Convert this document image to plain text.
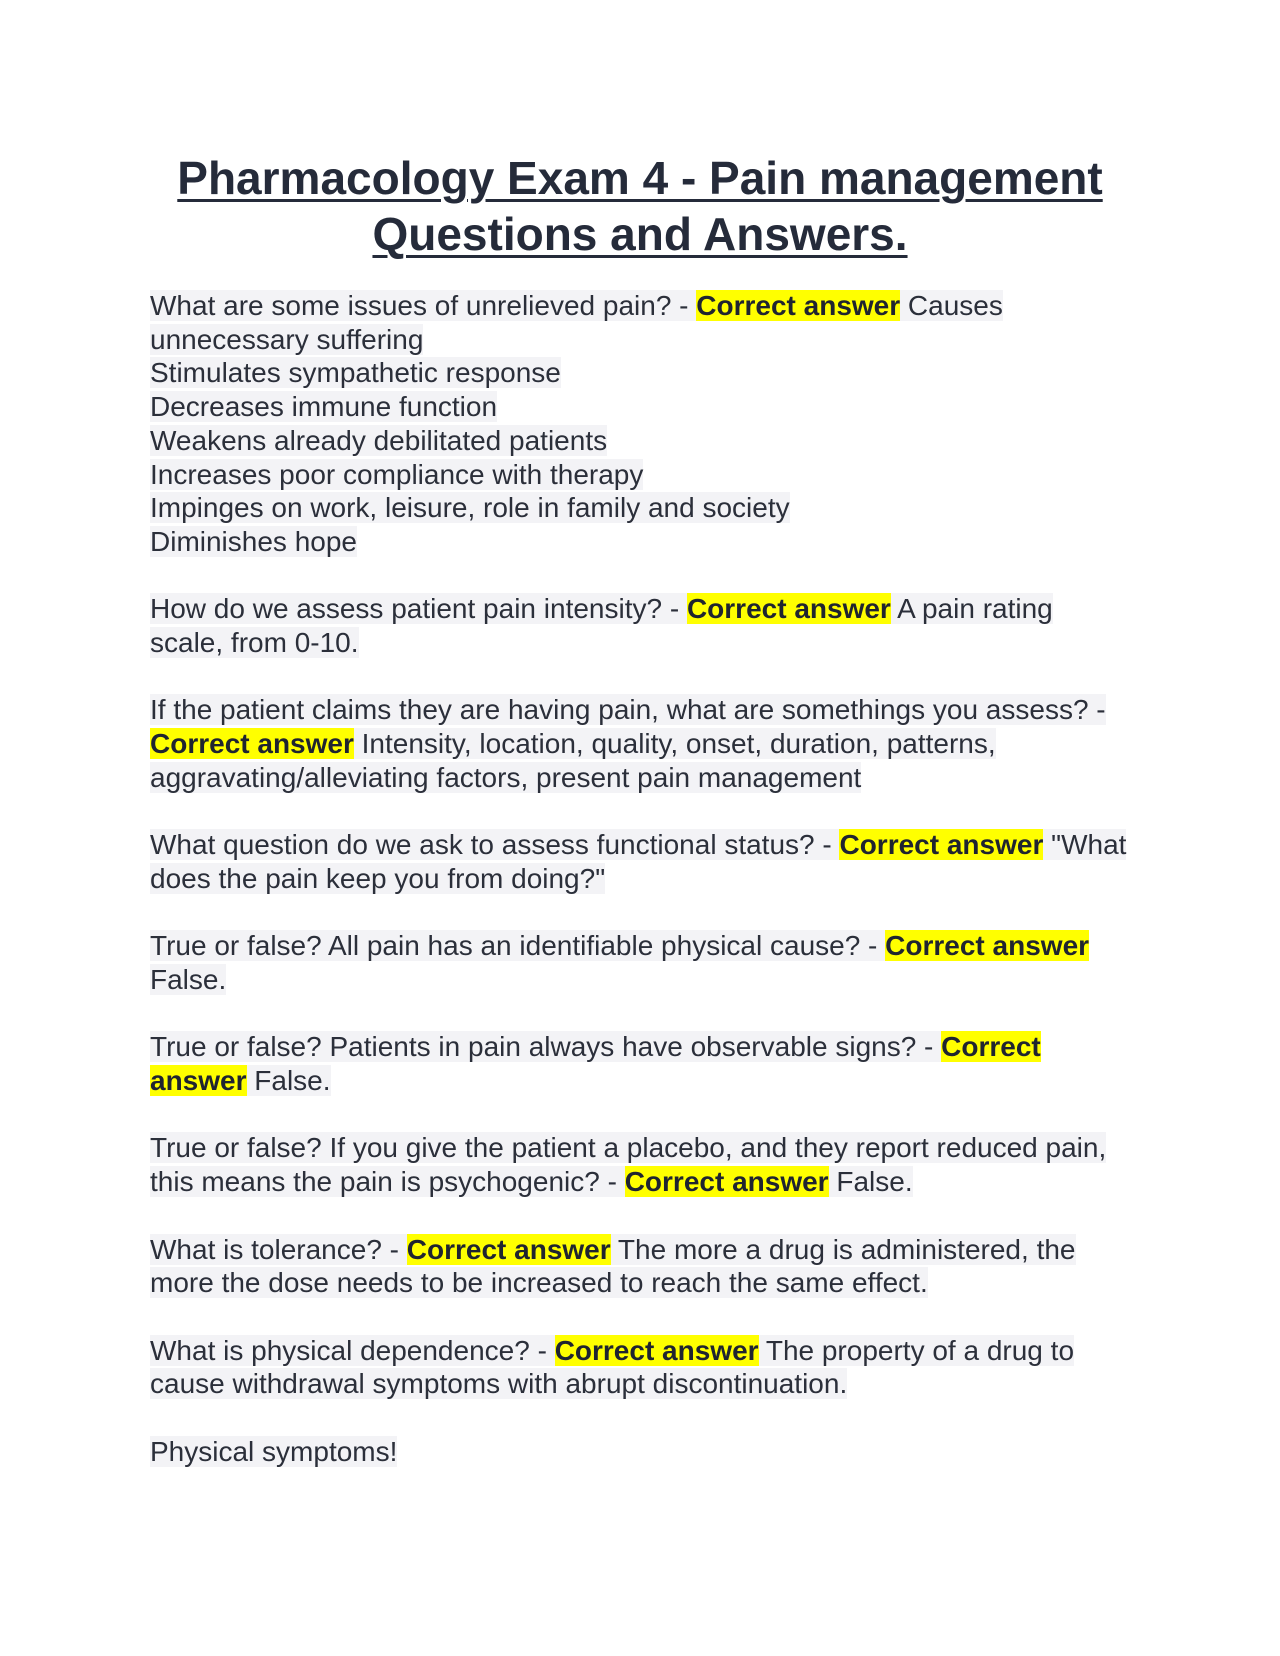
Pharmacology Exam 4 - Pain management
Questions and Answers.

What are some issues of unrelieved pain? - Correct answer Causes unnecessary suffering
Stimulates sympathetic response
Decreases immune function
Weakens already debilitated patients
Increases poor compliance with therapy
Impinges on work, leisure, role in family and society
Diminishes hope

How do we assess patient pain intensity? - Correct answer A pain rating scale, from 0-10.

If the patient claims they are having pain, what are somethings you assess? - Correct answer Intensity, location, quality, onset, duration, patterns, aggravating/alleviating factors, present pain management

What question do we ask to assess functional status? - Correct answer "What does the pain keep you from doing?"

True or false? All pain has an identifiable physical cause? - Correct answer False.

True or false? Patients in pain always have observable signs? - Correct answer False.

True or false? If you give the patient a placebo, and they report reduced pain, this means the pain is psychogenic? - Correct answer False.

What is tolerance? - Correct answer The more a drug is administered, the more the dose needs to be increased to reach the same effect.

What is physical dependence? - Correct answer The property of a drug to cause withdrawal symptoms with abrupt discontinuation.

Physical symptoms!
